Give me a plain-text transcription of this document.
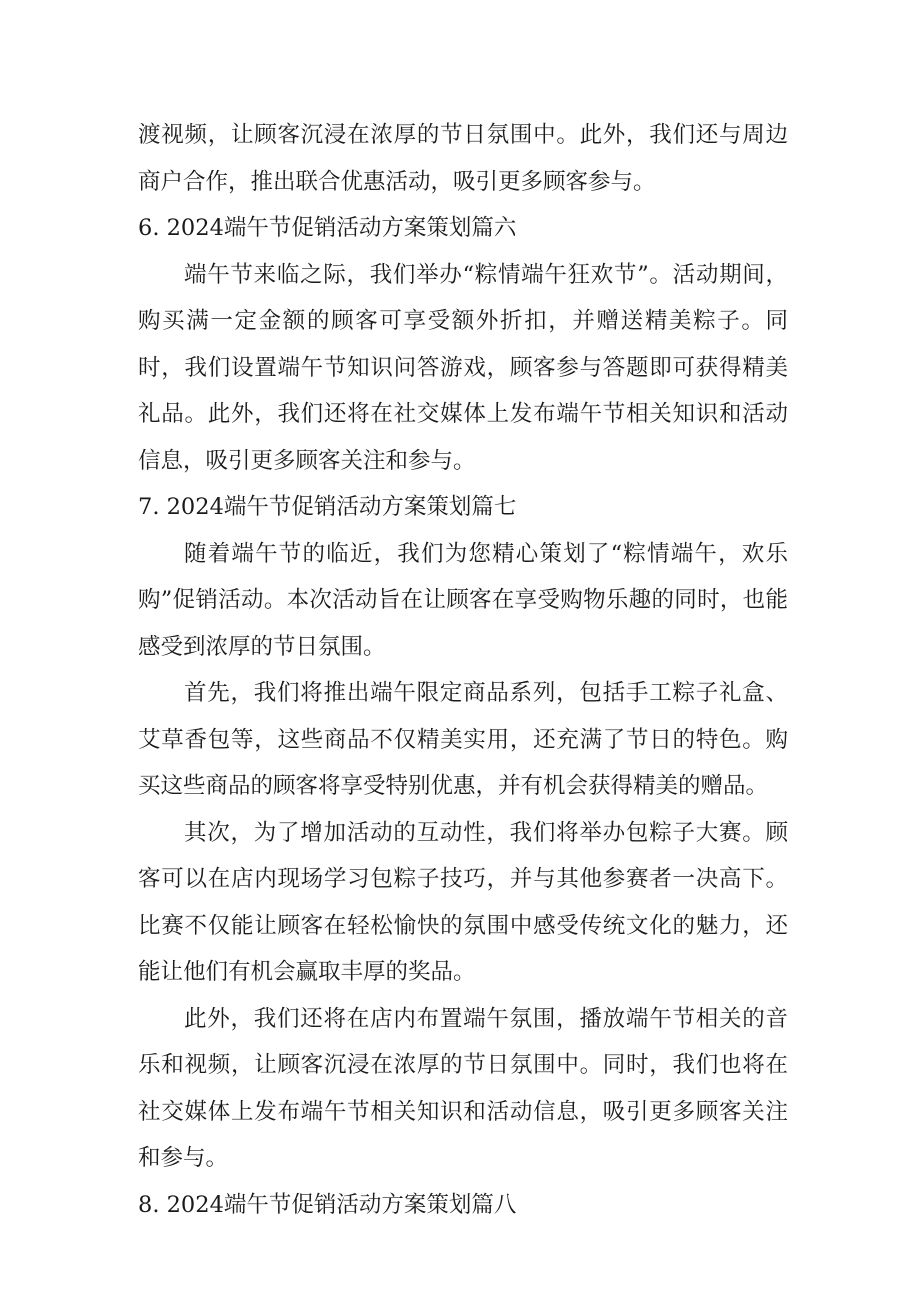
渡视频，让顾客沉浸在浓厚的节日氛围中。此外，我们还与周边商户合作，推出联合优惠活动，吸引更多顾客参与。

6. 2024端午节促销活动方案策划篇六

端午节来临之际，我们举办“粽情端午狂欢节”。活动期间，购买满一定金额的顾客可享受额外折扣，并赠送精美粽子。同时，我们设置端午节知识问答游戏，顾客参与答题即可获得精美礼品。此外，我们还将在社交媒体上发布端午节相关知识和活动信息，吸引更多顾客关注和参与。

7. 2024端午节促销活动方案策划篇七

随着端午节的临近，我们为您精心策划了“粽情端午，欢乐购”促销活动。本次活动旨在让顾客在享受购物乐趣的同时，也能感受到浓厚的节日氛围。

首先，我们将推出端午限定商品系列，包括手工粽子礼盒、艾草香包等，这些商品不仅精美实用，还充满了节日的特色。购买这些商品的顾客将享受特别优惠，并有机会获得精美的赠品。

其次，为了增加活动的互动性，我们将举办包粽子大赛。顾客可以在店内现场学习包粽子技巧，并与其他参赛者一决高下。比赛不仅能让顾客在轻松愉快的氛围中感受传统文化的魅力，还能让他们有机会赢取丰厚的奖品。

此外，我们还将在店内布置端午氛围，播放端午节相关的音乐和视频，让顾客沉浸在浓厚的节日氛围中。同时，我们也将在社交媒体上发布端午节相关知识和活动信息，吸引更多顾客关注和参与。

8. 2024端午节促销活动方案策划篇八
